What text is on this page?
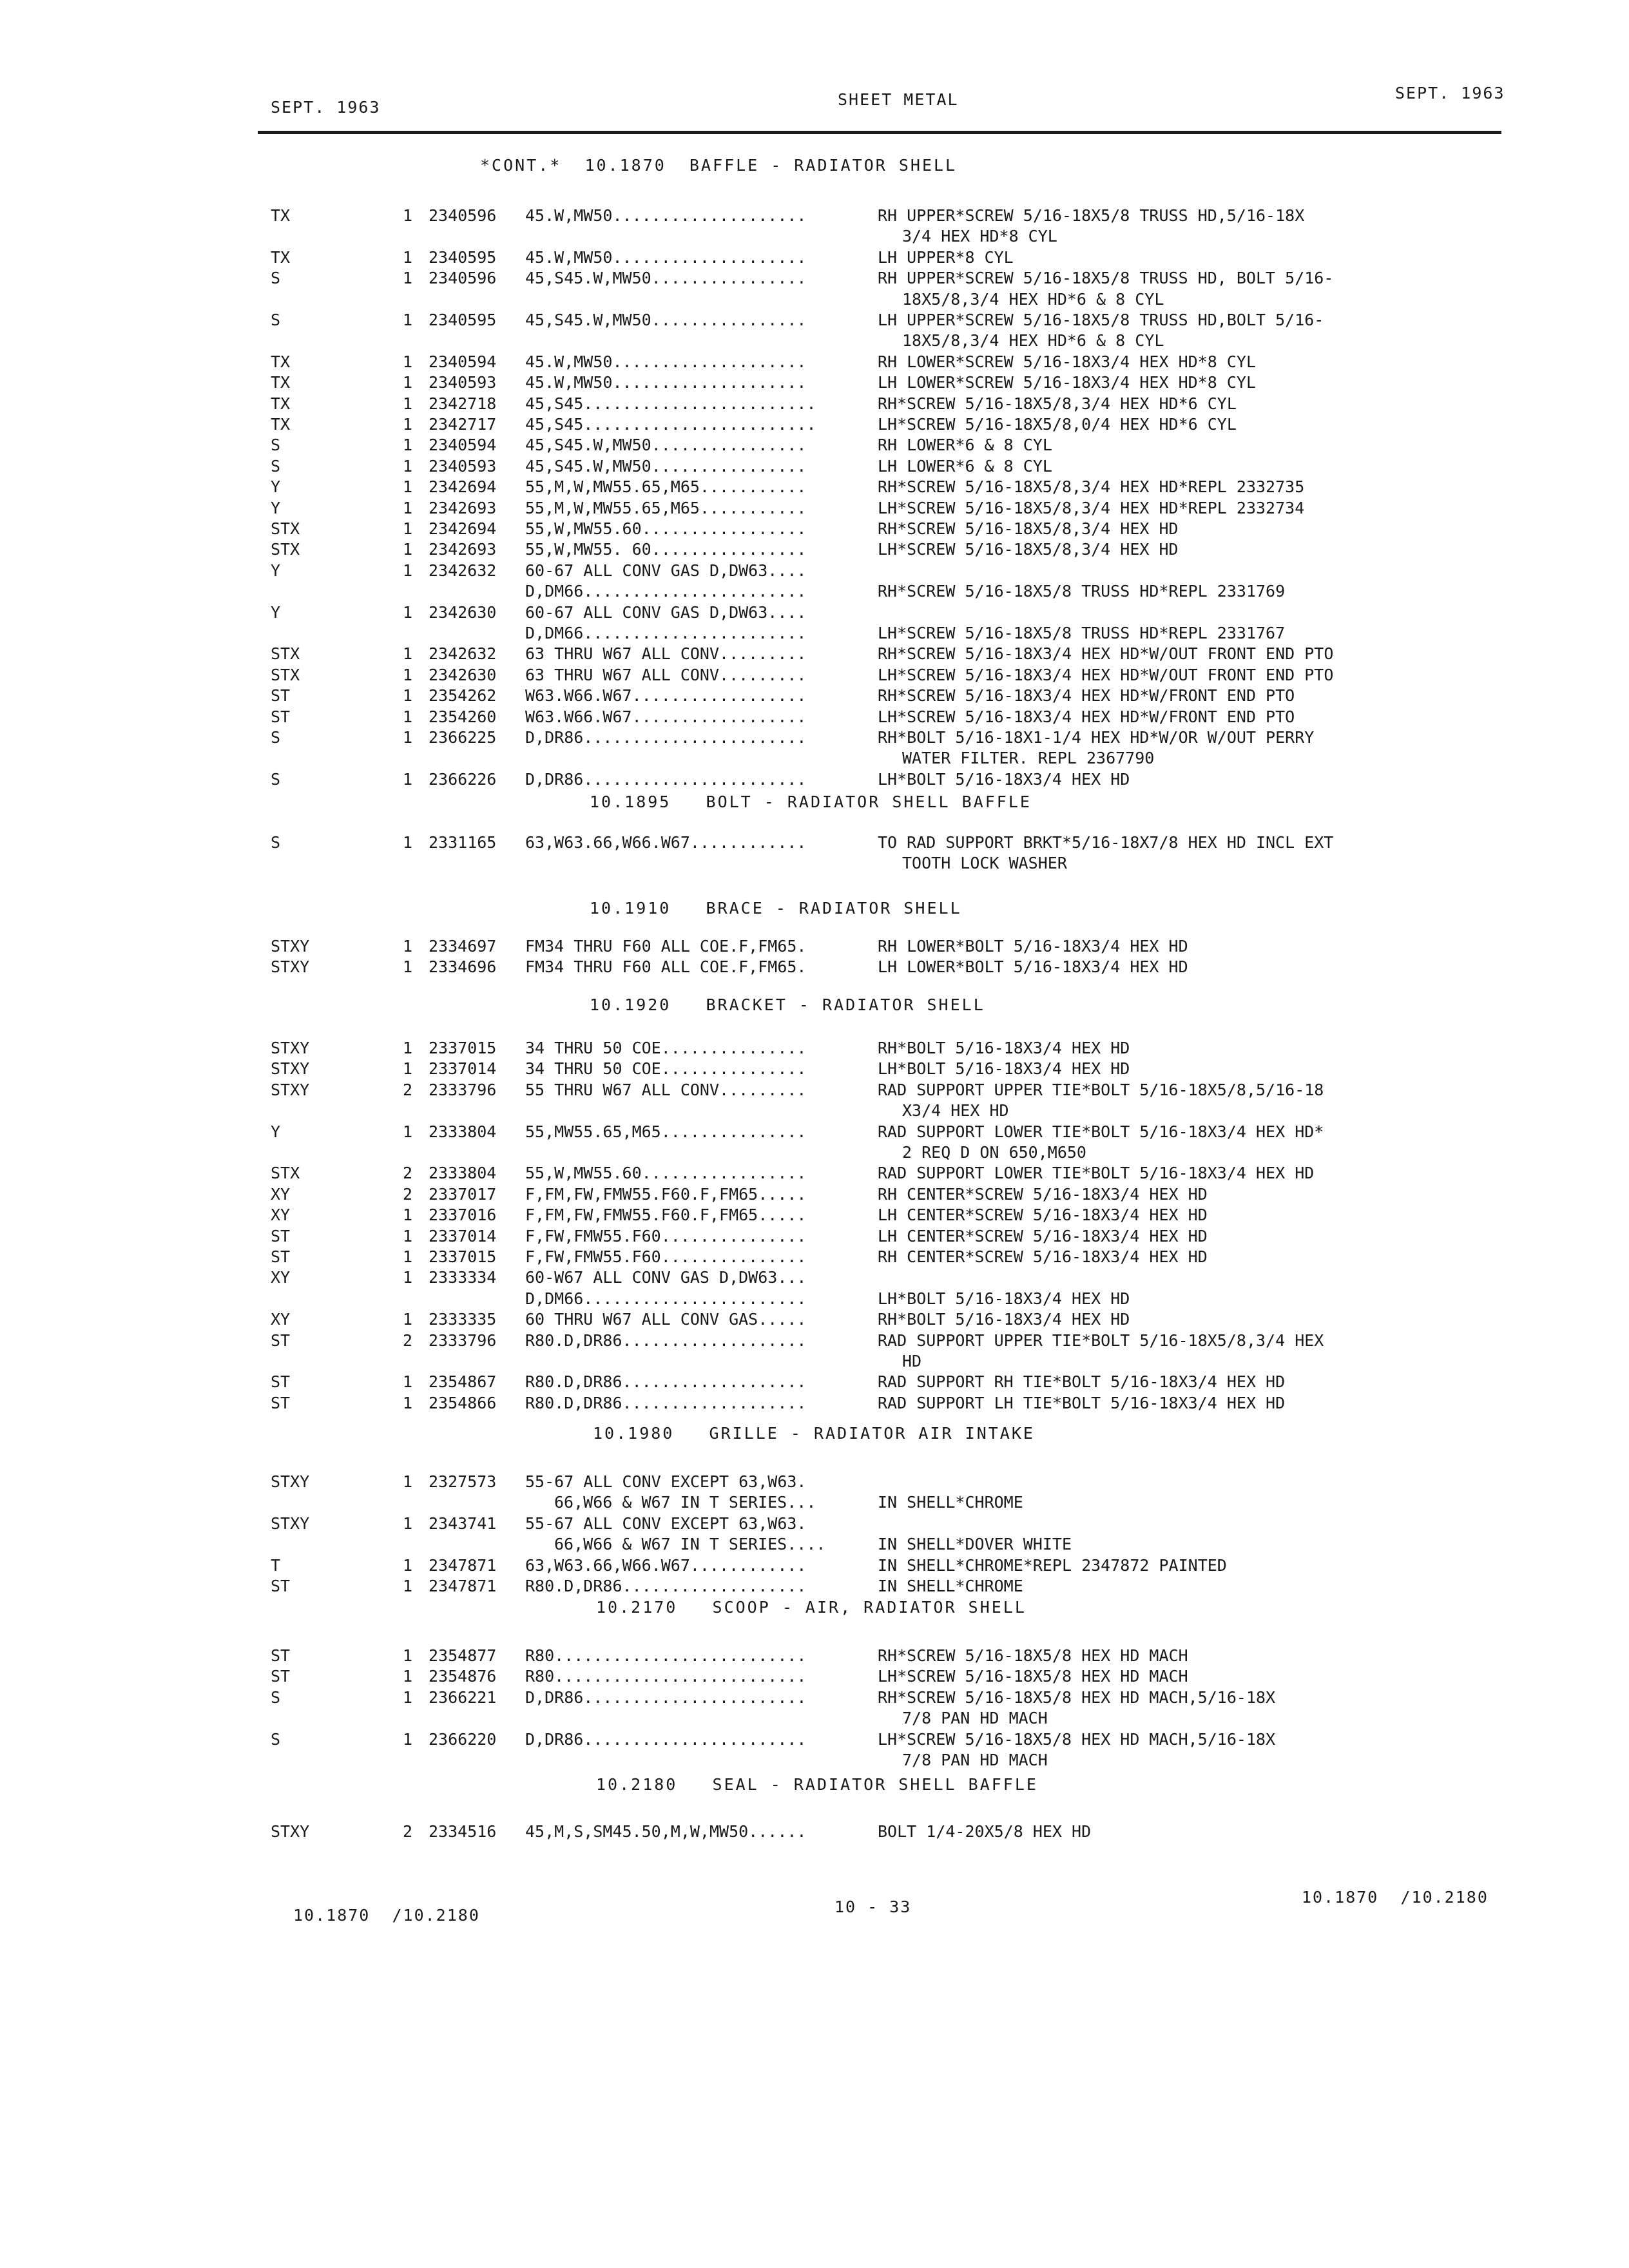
SEPT. 1963	SHEET METAL	SEPT. 1963
*CONT.*  10.1870  BAFFLE - RADIATOR SHELL
TX	1 2340596 45.W,MW50....................	RH UPPER*SCREW 5/16-18X5/8 TRUSS HD,5/16-18X
3/4 HEX HD*8 CYL
TX	1 2340595 45.W,MW50....................	LH UPPER*8 CYL
S	1 2340596 45,S45.W,MW50................	RH UPPER*SCREW 5/16-18X5/8 TRUSS HD, BOLT 5/16-
18X5/8,3/4 HEX HD*6 & 8 CYL
S	1 2340595 45,S45.W,MW50................	LH UPPER*SCREW 5/16-18X5/8 TRUSS HD,BOLT 5/16-
18X5/8,3/4 HEX HD*6 & 8 CYL
TX	1 2340594 45.W,MW50....................	RH LOWER*SCREW 5/16-18X3/4 HEX HD*8 CYL
TX	1 2340593 45.W,MW50....................	LH LOWER*SCREW 5/16-18X3/4 HEX HD*8 CYL
TX	1 2342718 45,S45........................	RH*SCREW 5/16-18X5/8,3/4 HEX HD*6 CYL
TX	1 2342717 45,S45........................	LH*SCREW 5/16-18X5/8,0/4 HEX HD*6 CYL
S	1 2340594 45,S45.W,MW50................	RH LOWER*6 & 8 CYL
S	1 2340593 45,S45.W,MW50................	LH LOWER*6 & 8 CYL
Y	1 2342694 55,M,W,MW55.65,M65...........	RH*SCREW 5/16-18X5/8,3/4 HEX HD*REPL 2332735
Y	1 2342693 55,M,W,MW55.65,M65...........	LH*SCREW 5/16-18X5/8,3/4 HEX HD*REPL 2332734
STX	1 2342694 55,W,MW55.60.................	RH*SCREW 5/16-18X5/8,3/4 HEX HD
STX	1 2342693 55,W,MW55. 60................	LH*SCREW 5/16-18X5/8,3/4 HEX HD
Y	1 2342632 60-67 ALL CONV GAS D,DW63....
D,DM66.......................	RH*SCREW 5/16-18X5/8 TRUSS HD*REPL 2331769
Y	1 2342630 60-67 ALL CONV GAS D,DW63....
D,DM66.......................	LH*SCREW 5/16-18X5/8 TRUSS HD*REPL 2331767
STX	1 2342632 63 THRU W67 ALL CONV.........	RH*SCREW 5/16-18X3/4 HEX HD*W/OUT FRONT END PTO
STX	1 2342630 63 THRU W67 ALL CONV.........	LH*SCREW 5/16-18X3/4 HEX HD*W/OUT FRONT END PTO
ST	1 2354262 W63.W66.W67..................	RH*SCREW 5/16-18X3/4 HEX HD*W/FRONT END PTO
ST	1 2354260 W63.W66.W67..................	LH*SCREW 5/16-18X3/4 HEX HD*W/FRONT END PTO
S	1 2366225 D,DR86.......................	RH*BOLT 5/16-18X1-1/4 HEX HD*W/OR W/OUT PERRY
WATER FILTER. REPL 2367790
S	1 2366226 D,DR86.......................	LH*BOLT 5/16-18X3/4 HEX HD
10.1895   BOLT - RADIATOR SHELL BAFFLE
S	1 2331165 63,W63.66,W66.W67............	TO RAD SUPPORT BRKT*5/16-18X7/8 HEX HD INCL EXT
TOOTH LOCK WASHER
10.1910   BRACE - RADIATOR SHELL
STXY	1 2334697 FM34 THRU F60 ALL COE.F,FM65.	RH LOWER*BOLT 5/16-18X3/4 HEX HD
STXY	1 2334696 FM34 THRU F60 ALL COE.F,FM65.	LH LOWER*BOLT 5/16-18X3/4 HEX HD
10.1920   BRACKET - RADIATOR SHELL
STXY	1 2337015 34 THRU 50 COE...............	RH*BOLT 5/16-18X3/4 HEX HD
STXY	1 2337014 34 THRU 50 COE...............	LH*BOLT 5/16-18X3/4 HEX HD
STXY	2 2333796 55 THRU W67 ALL CONV.........	RAD SUPPORT UPPER TIE*BOLT 5/16-18X5/8,5/16-18
X3/4 HEX HD
Y	1 2333804 55,MW55.65,M65...............	RAD SUPPORT LOWER TIE*BOLT 5/16-18X3/4 HEX HD*
2 REQ D ON 650,M650
STX	2 2333804 55,W,MW55.60.................	RAD SUPPORT LOWER TIE*BOLT 5/16-18X3/4 HEX HD
XY	2 2337017 F,FM,FW,FMW55.F60.F,FM65.....	RH CENTER*SCREW 5/16-18X3/4 HEX HD
XY	1 2337016 F,FM,FW,FMW55.F60.F,FM65.....	LH CENTER*SCREW 5/16-18X3/4 HEX HD
ST	1 2337014 F,FW,FMW55.F60...............	LH CENTER*SCREW 5/16-18X3/4 HEX HD
ST	1 2337015 F,FW,FMW55.F60...............	RH CENTER*SCREW 5/16-18X3/4 HEX HD
XY	1 2333334 60-W67 ALL CONV GAS D,DW63...
D,DM66.......................	LH*BOLT 5/16-18X3/4 HEX HD
XY	1 2333335 60 THRU W67 ALL CONV GAS.....	RH*BOLT 5/16-18X3/4 HEX HD
ST	2 2333796 R80.D,DR86...................	RAD SUPPORT UPPER TIE*BOLT 5/16-18X5/8,3/4 HEX
HD
ST	1 2354867 R80.D,DR86...................	RAD SUPPORT RH TIE*BOLT 5/16-18X3/4 HEX HD
ST	1 2354866 R80.D,DR86...................	RAD SUPPORT LH TIE*BOLT 5/16-18X3/4 HEX HD
10.1980   GRILLE - RADIATOR AIR INTAKE
STXY	1 2327573 55-67 ALL CONV EXCEPT 63,W63.
66,W66 & W67 IN T SERIES...	IN SHELL*CHROME
STXY	1 2343741 55-67 ALL CONV EXCEPT 63,W63.
66,W66 & W67 IN T SERIES....	IN SHELL*DOVER WHITE
T	1 2347871 63,W63.66,W66.W67............	IN SHELL*CHROME*REPL 2347872 PAINTED
ST	1 2347871 R80.D,DR86...................	IN SHELL*CHROME
10.2170   SCOOP - AIR, RADIATOR SHELL
ST	1 2354877 R80..........................	RH*SCREW 5/16-18X5/8 HEX HD MACH
ST	1 2354876 R80..........................	LH*SCREW 5/16-18X5/8 HEX HD MACH
S	1 2366221 D,DR86.......................	RH*SCREW 5/16-18X5/8 HEX HD MACH,5/16-18X
7/8 PAN HD MACH
S	1 2366220 D,DR86.......................	LH*SCREW 5/16-18X5/8 HEX HD MACH,5/16-18X
7/8 PAN HD MACH
10.2180   SEAL - RADIATOR SHELL BAFFLE
STXY	2 2334516 45,M,S,SM45.50,M,W,MW50......	BOLT 1/4-20X5/8 HEX HD
10.1870  /10.2180	10 - 33
10.1870  /10.2180
